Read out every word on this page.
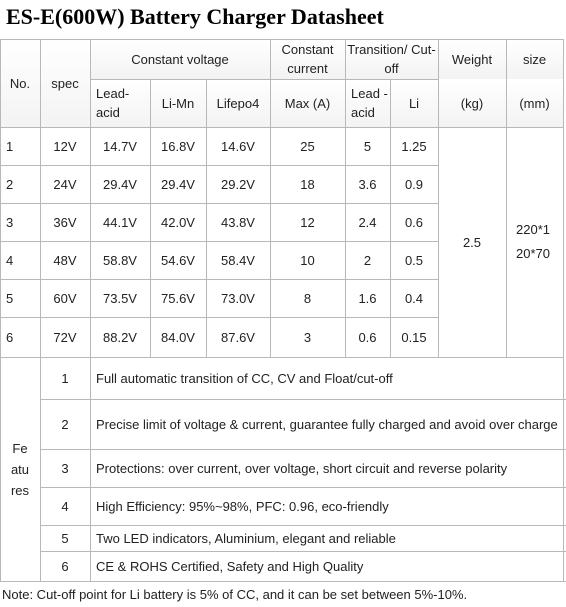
ES-E(600W) Battery Charger Datasheet
No. spec
Constant voltage
Constant current
Transition/ Cut-off
Weight size
Lead-acid
Li-Mn Lifepo4 Max (A)
Lead -acid
Li	(kg)	(mm)
1	12V 14.7V 16.8V 14.6V	25	5 1.25
2	24V 29.4V 29.4V 29.2V	18	3.6 0.9
3	36V 44.1V 42.0V 43.8V	12	2.4 0.6
4	48V 58.8V 54.6V 58.4V	10	2	0.5
5	60V 73.5V 75.6V 73.0V	8	1.6 0.4
6	72V 88.2V 84.0V 87.6V	3	0.6 0.15
2.5
220*1 20*70
Fe atu res
1 Full automatic transition of CC, CV and Float/cut-off
2 Precise limit of voltage & current, guarantee fully charged and avoid over charge
3 Protections: over current, over voltage, short circuit and reverse polarity
4 High Efficiency: 95%~98%, PFC: 0.96, eco-friendly
5 Two LED indicators, Aluminium, elegant and reliable
6 CE & ROHS Certified, Safety and High Quality
Note: Cut-off point for Li battery is 5% of CC, and it can be set between 5%-10%.
